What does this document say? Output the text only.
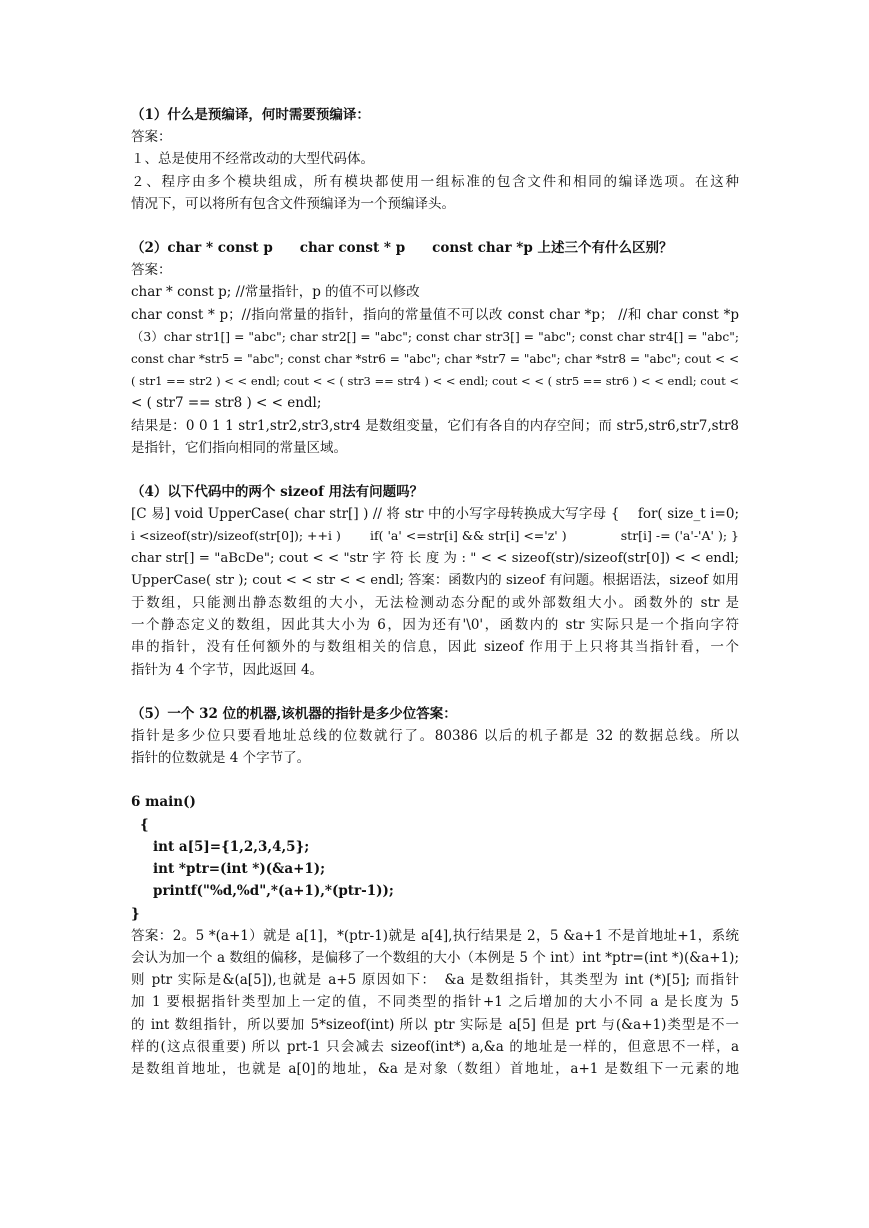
（1）什么是预编译，何时需要预编译：
答案：
１、总是使用不经常改动的大型代码体。
２、程序由多个模块组成，所有模块都使用一组标准的包含文件和相同的编译选项。在这种
情况下，可以将所有包含文件预编译为一个预编译头。
（2）char * const p　　char const * p　　const char *p 上述三个有什么区别？
答案：
char * const p; //常量指针，p 的值不可以修改
char const * p；//指向常量的指针，指向的常量值不可以改 const char *p； //和 char const *p
（3）char str1[] = "abc"; char str2[] = "abc"; const char str3[] = "abc"; const char str4[] = "abc";
const char *str5 = "abc"; const char *str6 = "abc"; char *str7 = "abc"; char *str8 = "abc"; cout < <
( str1 == str2 ) < < endl; cout < < ( str3 == str4 ) < < endl; cout < < ( str5 == str6 ) < < endl; cout <
< ( str7 == str8 ) < < endl;
结果是：0 0 1 1 str1,str2,str3,str4 是数组变量，它们有各自的内存空间；而 str5,str6,str7,str8
是指针，它们指向相同的常量区域。
（4）以下代码中的两个 sizeof 用法有问题吗？
[C 易] void UpperCase( char str[] ) // 将 str 中的小写字母转换成大写字母 {　 for( size_t i=0;
i <sizeof(str)/sizeof(str[0]); ++i )　　 if( 'a' <=str[i] && str[i] <='z' )　　　　 str[i] -= ('a'-'A' ); }
char str[] = "aBcDe"; cout < < "str 字 符 长 度 为 : " < < sizeof(str)/sizeof(str[0]) < < endl;
UpperCase( str ); cout < < str < < endl; 答案：函数内的 sizeof 有问题。根据语法，sizeof 如用
于数组，只能测出静态数组的大小，无法检测动态分配的或外部数组大小。函数外的 str 是
一个静态定义的数组，因此其大小为 6，因为还有'\0'，函数内的 str 实际只是一个指向字符
串的指针，没有任何额外的与数组相关的信息，因此 sizeof 作用于上只将其当指针看，一个
指针为 4 个字节，因此返回 4。
（5）一个 32 位的机器,该机器的指针是多少位答案：
指针是多少位只要看地址总线的位数就行了。80386 以后的机子都是 32 的数据总线。所以
指针的位数就是 4 个字节了。
6 main()
{
int a[5]={1,2,3,4,5};
int *ptr=(int *)(&a+1);
printf("%d,%d",*(a+1),*(ptr-1));
}
答案：2。5 *(a+1）就是 a[1]，*(ptr-1)就是 a[4],执行结果是 2，5 &a+1 不是首地址+1，系统
会认为加一个 a 数组的偏移，是偏移了一个数组的大小（本例是 5 个 int）int *ptr=(int *)(&a+1);
则 ptr 实际是&(a[5]),也就是 a+5 原因如下：　&a 是数组指针，其类型为 int (*)[5]; 而指针
加 1 要根据指针类型加上一定的值，不同类型的指针+1 之后增加的大小不同 a 是长度为 5
的 int 数组指针，所以要加 5*sizeof(int) 所以 ptr 实际是 a[5] 但是 prt 与(&a+1)类型是不一
样的(这点很重要) 所以 prt-1 只会减去 sizeof(int*) a,&a 的地址是一样的，但意思不一样，a
是数组首地址，也就是 a[0]的地址，&a 是对象（数组）首地址，a+1 是数组下一元素的地
